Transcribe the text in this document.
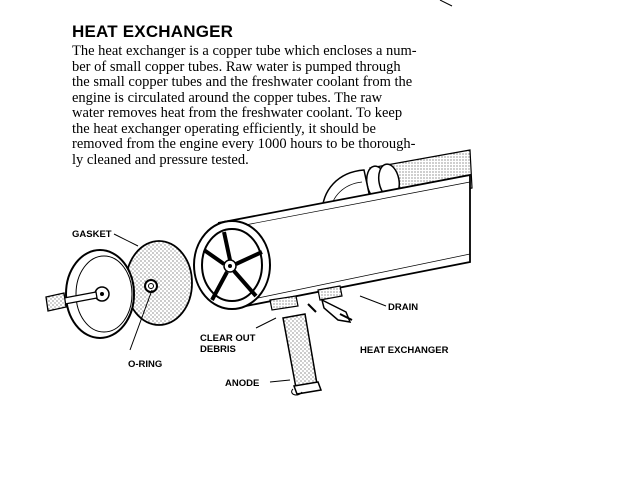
HEAT EXCHANGER
The heat exchanger is a copper tube which encloses a num-
ber of small copper tubes. Raw water is pumped through
the small copper tubes and the freshwater coolant from the
engine is circulated around the copper tubes. The raw
water removes heat from the freshwater coolant. To keep
the heat exchanger operating efficiently, it should be
removed from the engine every 1000 hours to be thorough-
ly cleaned and pressure tested.
GASKET
O-RING
CLEAR OUT
DEBRIS
ANODE
DRAIN
HEAT EXCHANGER
